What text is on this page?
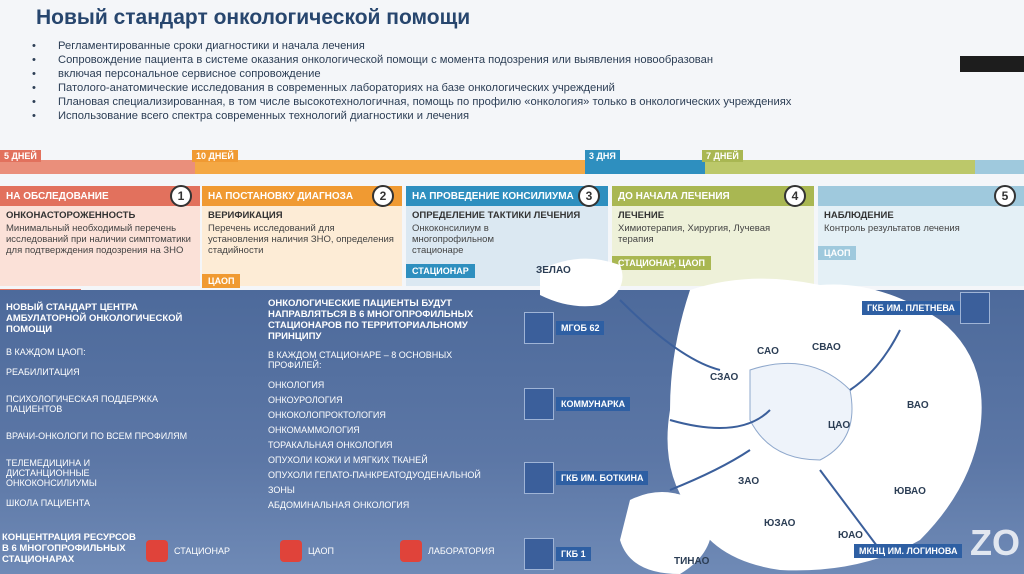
Новый стандарт онкологической помощи
• Регламентированные сроки диагностики и начала лечения
• Сопровождение пациента в системе оказания онкологической помощи с момента подозрения или выявления новообразован
• включая персональное сервисное сопровождение
• Патолого-анатомические исследования в современных лабораториях на базе онкологических учреждений
• Плановая специализированная, в том числе высокотехнологичная, помощь по профилю «онкология» только в онкологических учреждениях
• Использование всего спектра современных технологий диагностики и лечения
5 ДНЕЙ	10 ДНЕЙ	3 ДНЯ	7 ДНЕЙ
НА ОБСЛЕДОВАНИЕ	1
ОНКОНАСТОРОЖЕННОСТЬ
Минимальный необходимый перечень исследований при наличии симптоматики для подтверждения подозрения на ЗНО
НА ПОСТАНОВКУ ДИАГНОЗА	2
ВЕРИФИКАЦИЯ
Перечень исследований для установления наличия ЗНО, определения стадийности
ЦАОП
НА ПРОВЕДЕНИЕ КОНСИЛИУМА 3
ОПРЕДЕЛЕНИЕ ТАКТИКИ ЛЕЧЕНИЯ
Онкоконсилиум в многопрофильном стационаре
СТАЦИОНАР
ДО НАЧАЛА ЛЕЧЕНИЯ	4
ЛЕЧЕНИЕ
Химиотерапия, Хирургия, Лучевая терапия
СТАЦИОНАР, ЦАОП
5
НАБЛЮДЕНИЕ
Контроль результатов лечения
ЦАОП
ЗЕЛАО
САО	СВАО
СЗАО
ВАО
ЦАО
ЗАО
ЮВАО
ЮЗАО
ЮАО
ТИНАО
МГОБ 62
КОММУНАРКА
ГКБ ИМ. БОТКИНА
ГКБ 1
ГКБ ИМ. ПЛЕТНЕВА
МКНЦ ИМ. ЛОГИНОВА
НОВЫЙ СТАНДАРТ ЦЕНТРА АМБУЛАТОРНОЙ ОНКОЛОГИЧЕСКОЙ ПОМОЩИ
В КАЖДОМ ЦАОП:
РЕАБИЛИТАЦИЯ
ПСИХОЛОГИЧЕСКАЯ ПОДДЕРЖКА ПАЦИЕНТОВ
ВРАЧИ-ОНКОЛОГИ ПО ВСЕМ ПРОФИЛЯМ
ТЕЛЕМЕДИЦИНА И ДИСТАНЦИОННЫЕ ОНКОКОНСИЛИУМЫ
ШКОЛА ПАЦИЕНТА
ОНКОЛОГИЧЕСКИЕ ПАЦИЕНТЫ БУДУТ НАПРАВЛЯТЬСЯ В 6 МНОГОПРОФИЛЬНЫХ СТАЦИОНАРОВ ПО ТЕРРИТОРИАЛЬНОМУ ПРИНЦИПУ
В КАЖДОМ СТАЦИОНАРЕ – 8 ОСНОВНЫХ ПРОФИЛЕЙ:
ОНКОЛОГИЯ
ОНКОУРОЛОГИЯ
ОНКОКОЛОПРОКТОЛОГИЯ
ОНКОМАММОЛОГИЯ
ТОРАКАЛЬНАЯ ОНКОЛОГИЯ
ОПУХОЛИ КОЖИ И МЯГКИХ ТКАНЕЙ
ОПУХОЛИ ГЕПАТО-ПАНКРЕАТОДУОДЕНАЛЬНОЙ ЗОНЫ
АБДОМИНАЛЬНАЯ ОНКОЛОГИЯ
КОНЦЕНТРАЦИЯ РЕСУРСОВ В 6 МНОГОПРОФИЛЬНЫХ СТАЦИОНАРАХ
СТАЦИОНАР	ЦАОП	ЛАБОРАТОРИЯ	ZO
